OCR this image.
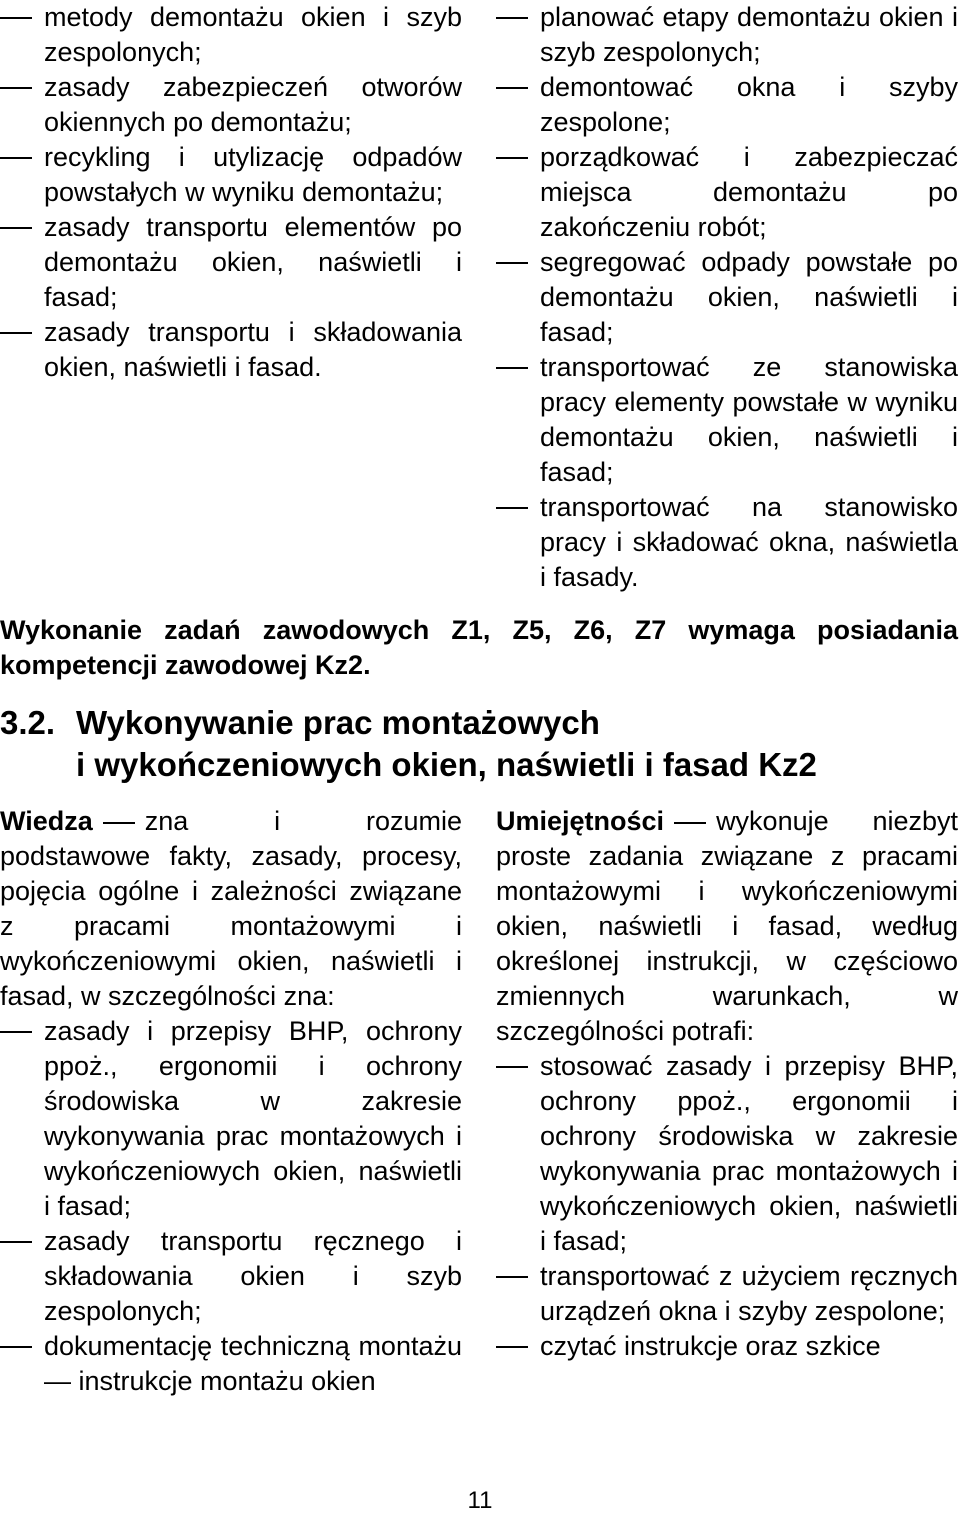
metody demontażu okien i szyb zespolonych;
zasady zabezpieczeń otworów okiennych po demontażu;
recykling i utylizację odpadów powstałych w wyniku demontażu;
zasady transportu elementów po demontażu okien, naświetli i fasad;
zasady transportu i składowania okien, naświetli i fasad.
planować etapy demontażu okien i szyb zespolonych;
demontować okna i szyby zespolone;
porządkować i zabezpieczać miejsca demontażu po zakończeniu robót;
segregować odpady powstałe po demontażu okien, naświetli i fasad;
transportować ze stanowiska pracy elementy powstałe w wyniku demontażu okien, naświetli i fasad;
transportować na stanowisko pracy i składować okna, naświetla i fasady.
Wykonanie zadań zawodowych Z1, Z5, Z6, Z7 wymaga posiadania kompetencji zawodowej Kz2.
3.2. Wykonywanie prac montażowych
i wykończeniowych okien, naświetli i fasad Kz2

Wiedza zna i rozumie podstawowe fakty, zasady, procesy, pojęcia ogólne i zależności związane z pracami montażowymi i wykończeniowymi okien, naświetli i fasad, w szczególności zna:

zasady i przepisy BHP, ochrony ppoż., ergonomii i ochrony środowiska w zakresie wykonywania prac montażowych i wykończeniowych okien, naświetli i fasad;
zasady transportu ręcznego i składowania okien i szyb zespolonych;
dokumentację techniczną montażu — instrukcje montażu okien

Umiejętności wykonuje niezbyt proste zadania związane z pracami montażowymi i wykończeniowymi okien, naświetli i fasad, według określonej instrukcji, w częściowo zmiennych warunkach, w szczególności potrafi:

stosować zasady i przepisy BHP, ochrony ppoż., ergonomii i ochrony środowiska w zakresie wykonywania prac montażowych i wykończeniowych okien, naświetli i fasad;
transportować z użyciem ręcznych urządzeń okna i szyby zespolone;
czytać instrukcje oraz szkice
11
